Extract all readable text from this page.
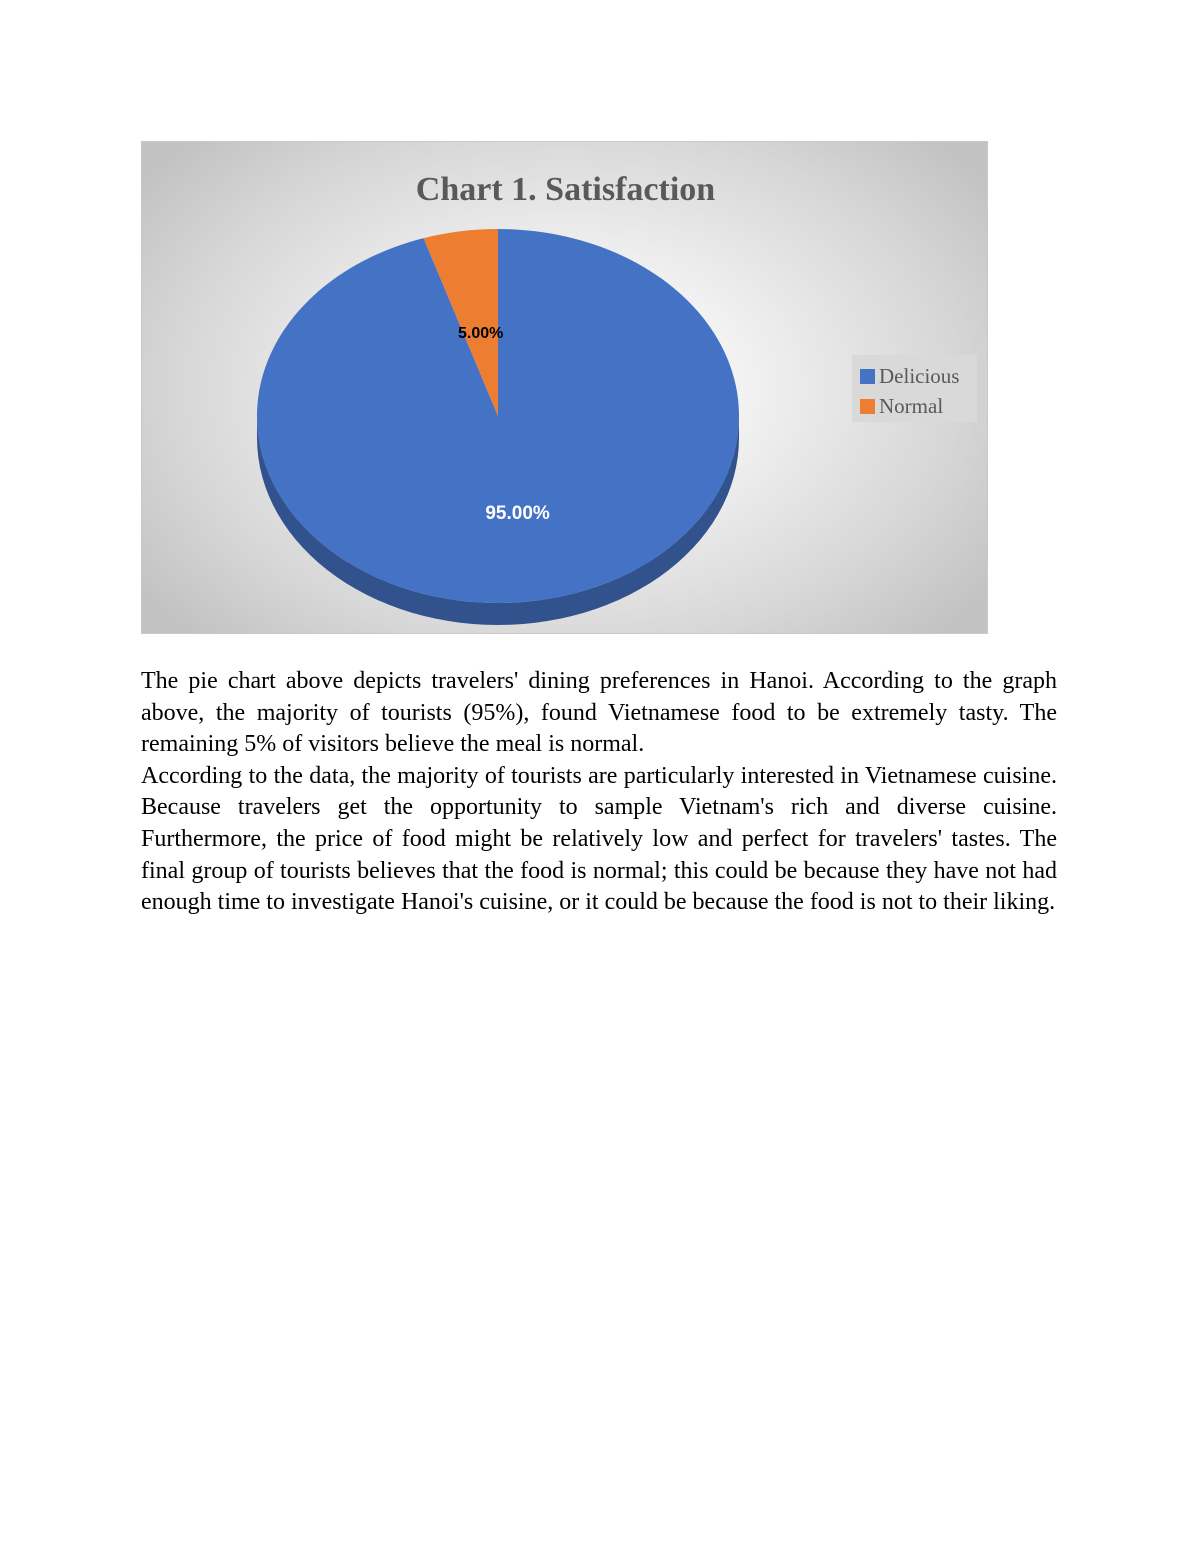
Chart 1. Satisfaction
95.00%
5.00%
Delicious
Normal

The pie chart above depicts travelers' dining preferences in Hanoi. According to the graph above, the majority of tourists (95%), found Vietnamese food to be extremely tasty. The remaining 5% of visitors believe the meal is normal.

According to the data, the majority of tourists are particularly interested in Vietnamese cuisine. Because travelers get the opportunity to sample Vietnam's rich and diverse cuisine. Furthermore, the price of food might be relatively low and perfect for travelers' tastes. The final group of tourists believes that the food is normal; this could be because they have not had enough time to investigate Hanoi's cuisine, or it could be because the food is not to their liking.
